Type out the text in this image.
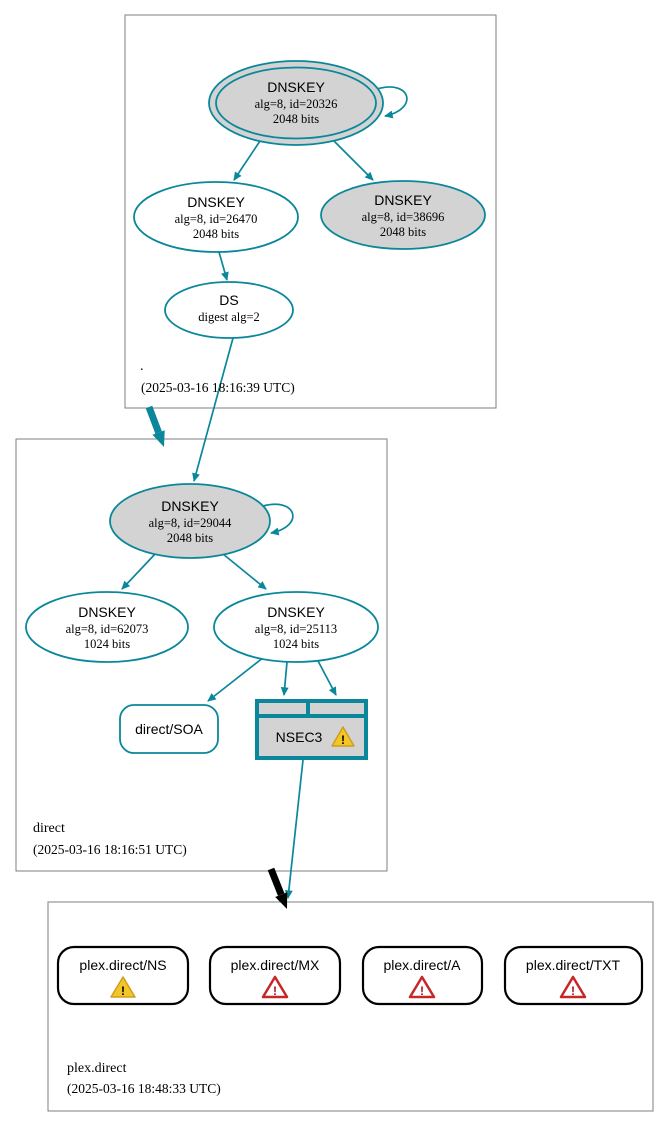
DNSKEY
alg=8, id=20326
2048 bits
DNSKEY
alg=8, id=26470
2048 bits
DNSKEY
alg=8, id=38696
2048 bits
DS
digest alg=2
DNSKEY
alg=8, id=29044
2048 bits
DNSKEY
alg=8, id=62073
1024 bits
DNSKEY
alg=8, id=25113
1024 bits
direct/SOA	NSEC3 !
plex.direct/NS
!
plex.direct/MX
!
plex.direct/A
!
plex.direct/TXT
!
.
(2025-03-16 18:16:39 UTC)
direct
(2025-03-16 18:16:51 UTC)
plex.direct
(2025-03-16 18:48:33 UTC)
